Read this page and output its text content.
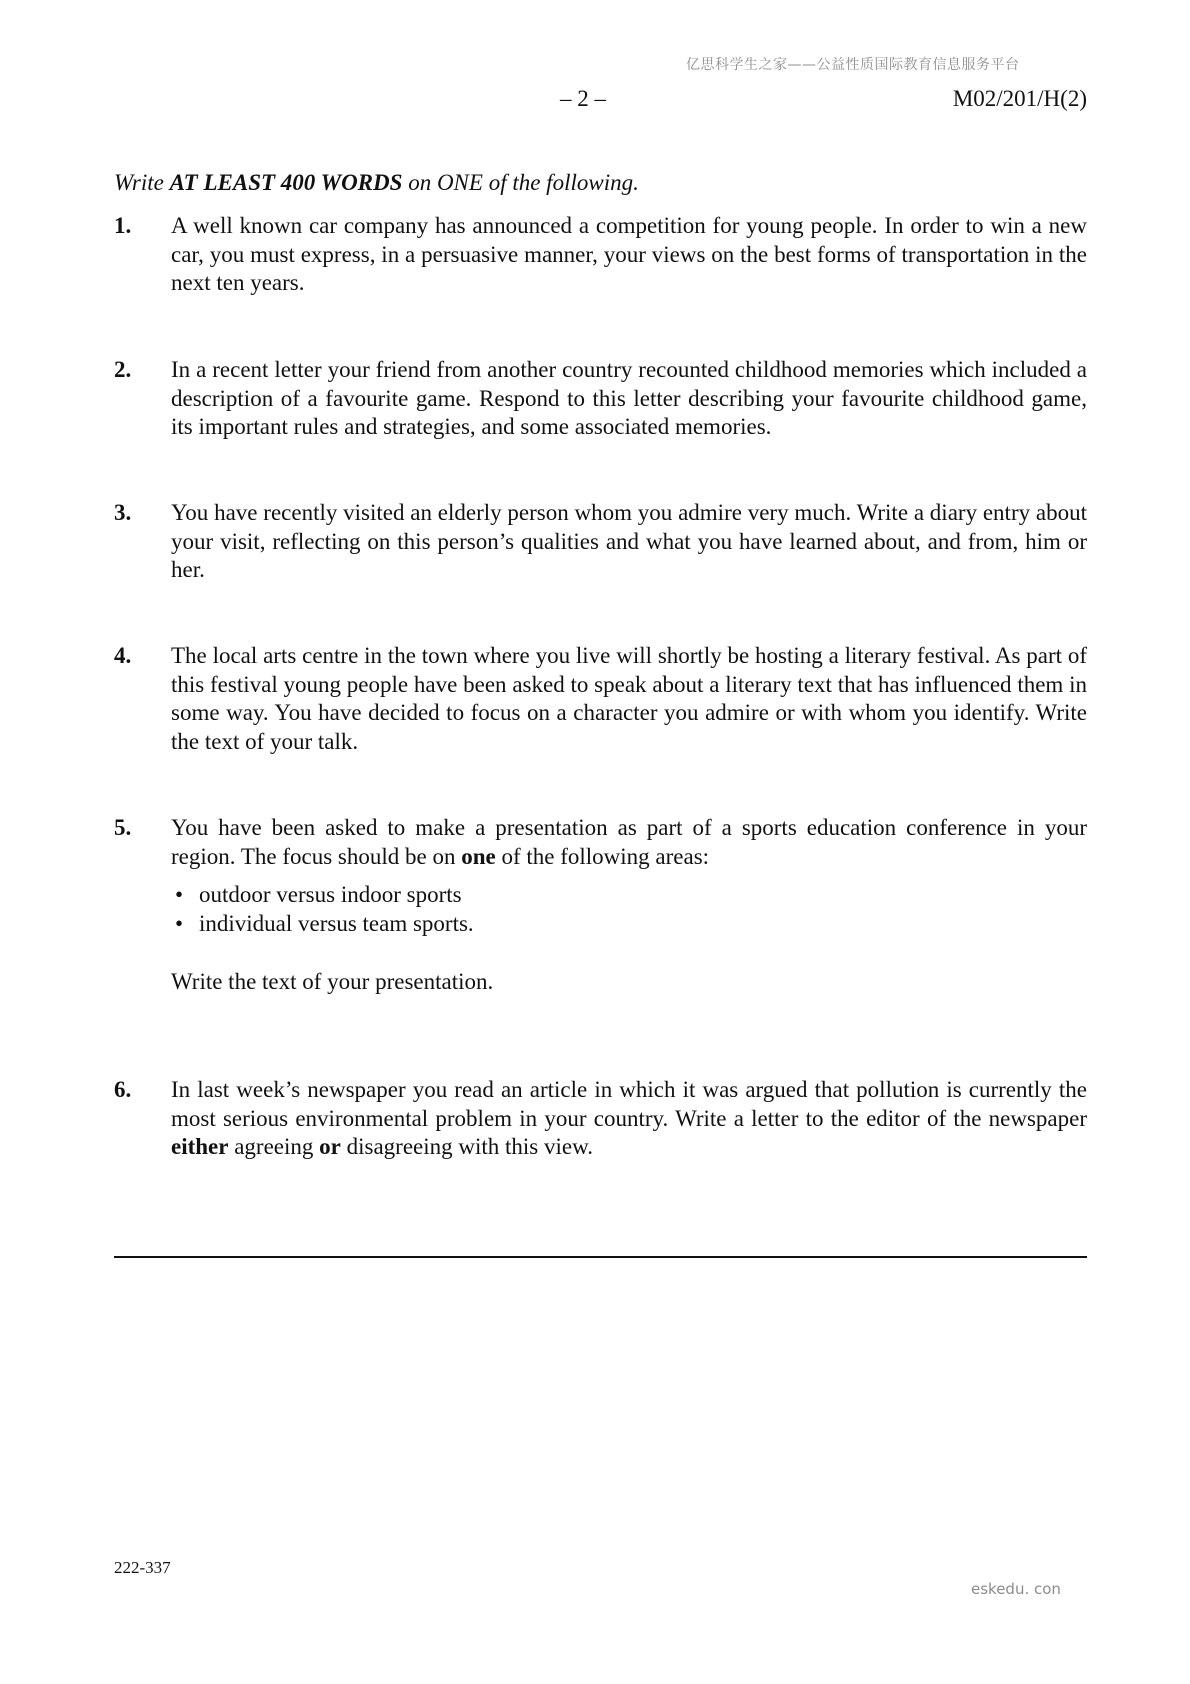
亿思科学生之家——公益性质国际教育信息服务平台
– 2 –	M02/201/H(2)
Write AT LEAST 400 WORDS on ONE of the following.
1. A well known car company has announced a competition for young people. In order to win a new car, you must express, in a persuasive manner, your views on the best forms of transportation in the next ten years.
2. In a recent letter your friend from another country recounted childhood memories which included a description of a favourite game. Respond to this letter describing your favourite childhood game, its important rules and strategies, and some associated memories.
3. You have recently visited an elderly person whom you admire very much. Write a diary entry about your visit, reflecting on this person’s qualities and what you have learned about, and from, him or her.
4. The local arts centre in the town where you live will shortly be hosting a literary festival. As part of this festival young people have been asked to speak about a literary text that has influenced them in some way. You have decided to focus on a character you admire or with whom you identify. Write the text of your talk.
5. You have been asked to make a presentation as part of a sports education conference in your region. The focus should be on one of the following areas:
• outdoor versus indoor sports
• individual versus team sports.
Write the text of your presentation.
6. In last week’s newspaper you read an article in which it was argued that pollution is currently the most serious environmental problem in your country. Write a letter to the editor of the newspaper either agreeing or disagreeing with this view.
222-337
eskedu. con
